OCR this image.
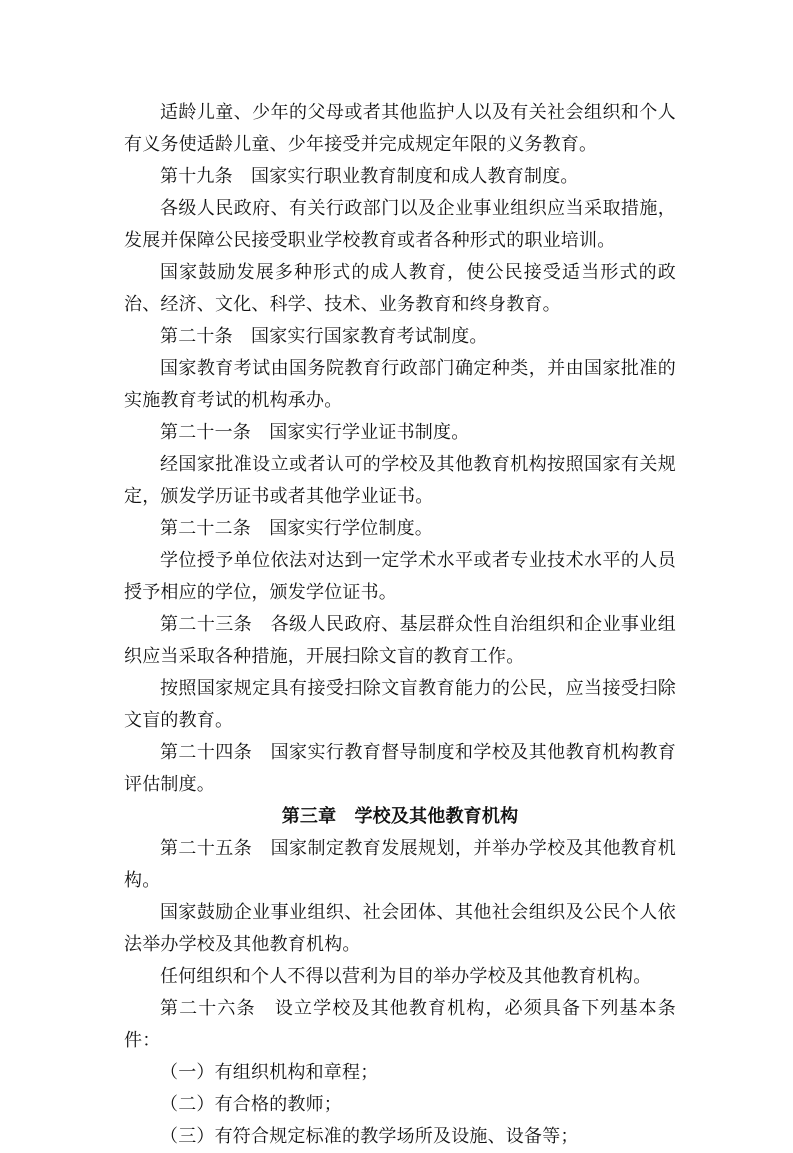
适龄儿童、少年的父母或者其他监护人以及有关社会组织和个人有义务使适龄儿童、少年接受并完成规定年限的义务教育。

第十九条　国家实行职业教育制度和成人教育制度。

各级人民政府、有关行政部门以及企业事业组织应当采取措施，发展并保障公民接受职业学校教育或者各种形式的职业培训。

国家鼓励发展多种形式的成人教育，使公民接受适当形式的政治、经济、文化、科学、技术、业务教育和终身教育。

第二十条　国家实行国家教育考试制度。

国家教育考试由国务院教育行政部门确定种类，并由国家批准的实施教育考试的机构承办。

第二十一条　国家实行学业证书制度。

经国家批准设立或者认可的学校及其他教育机构按照国家有关规定，颁发学历证书或者其他学业证书。

第二十二条　国家实行学位制度。

学位授予单位依法对达到一定学术水平或者专业技术水平的人员授予相应的学位，颁发学位证书。

第二十三条　各级人民政府、基层群众性自治组织和企业事业组织应当采取各种措施，开展扫除文盲的教育工作。

按照国家规定具有接受扫除文盲教育能力的公民，应当接受扫除文盲的教育。

第二十四条　国家实行教育督导制度和学校及其他教育机构教育评估制度。

第三章　学校及其他教育机构

第二十五条　国家制定教育发展规划，并举办学校及其他教育机构。

国家鼓励企业事业组织、社会团体、其他社会组织及公民个人依法举办学校及其他教育机构。

任何组织和个人不得以营利为目的举办学校及其他教育机构。

第二十六条　设立学校及其他教育机构，必须具备下列基本条件：

（一）有组织机构和章程；

（二）有合格的教师；

（三）有符合规定标准的教学场所及设施、设备等；
